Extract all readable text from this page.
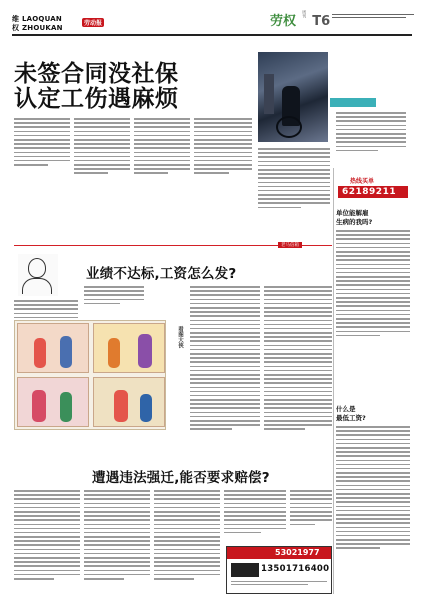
维
权
LAOQUAN
ZHOUKAN
劳动报	劳权 周刊 T6
未签合同没社保
认定工伤遇麻烦
热线买单
62189211
单位能解雇
生病的我吗?
老马信箱
业绩不达标,工资怎么发?
看图大侠
什么是
最低工资?
遭遇违法强迁,能否要求赔偿?
53021977
13501716400
